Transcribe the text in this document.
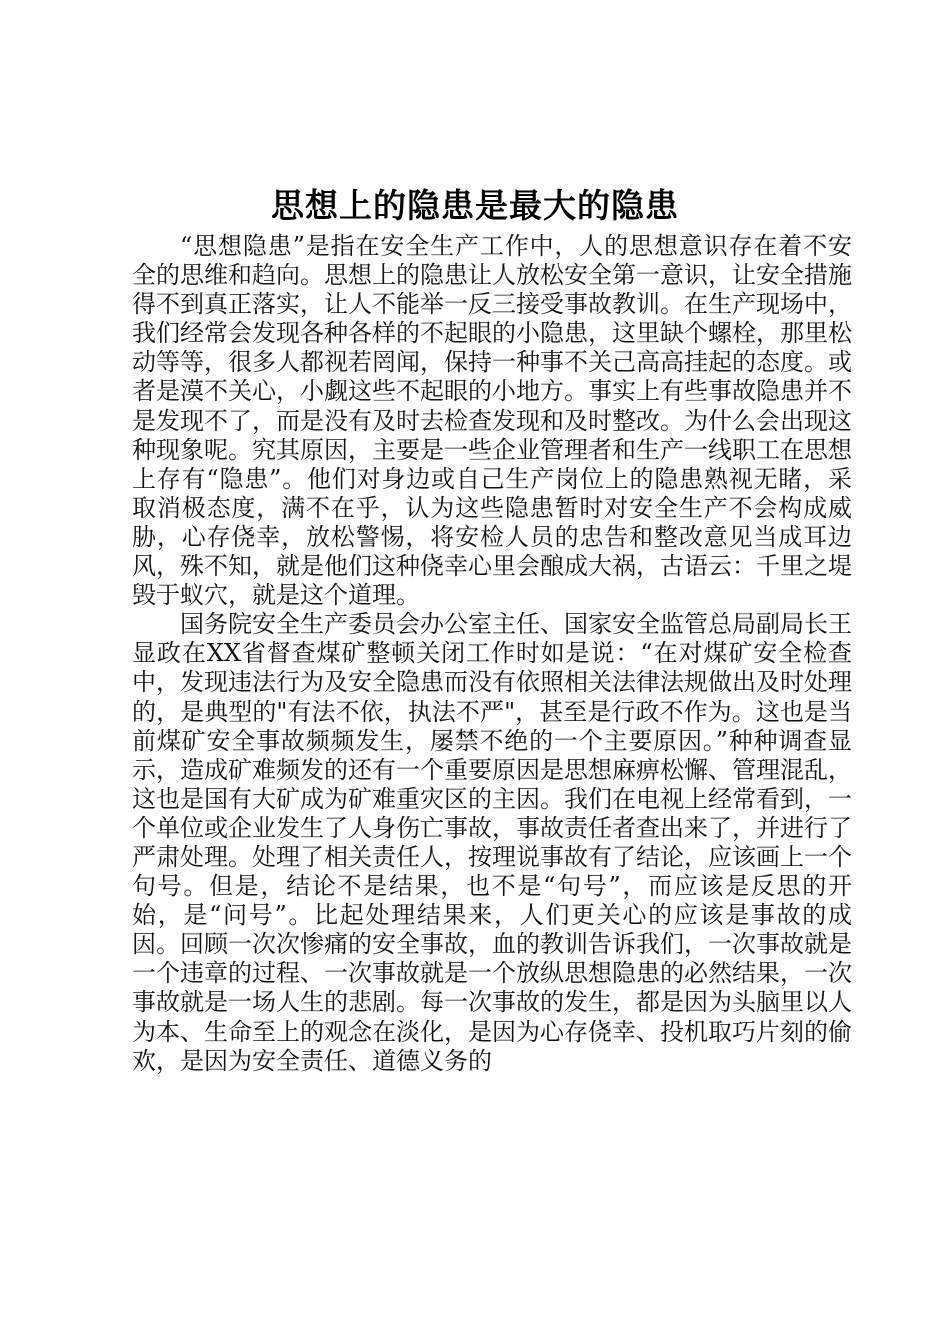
思想上的隐患是最大的隐患

“思想隐患”是指在安全生产工作中，人的思想意识存在着不安全的思维和趋向。思想上的隐患让人放松安全第一意识，让安全措施得不到真正落实，让人不能举一反三接受事故教训。在生产现场中，我们经常会发现各种各样的不起眼的小隐患，这里缺个螺栓，那里松动等等，很多人都视若罔闻，保持一种事不关己高高挂起的态度。或者是漠不关心，小觑这些不起眼的小地方。事实上有些事故隐患并不是发现不了，而是没有及时去检查发现和及时整改。为什么会出现这种现象呢。究其原因，主要是一些企业管理者和生产一线职工在思想上存有“隐患”。他们对身边或自己生产岗位上的隐患熟视无睹，采取消极态度，满不在乎，认为这些隐患暂时对安全生产不会构成威胁，心存侥幸，放松警惕，将安检人员的忠告和整改意见当成耳边风，殊不知，就是他们这种侥幸心里会酿成大祸，古语云：千里之堤毁于蚁穴，就是这个道理。

国务院安全生产委员会办公室主任、国家安全监管总局副局长王显政在XX省督查煤矿整顿关闭工作时如是说：“在对煤矿安全检查中，发现违法行为及安全隐患而没有依照相关法律法规做出及时处理的，是典型的"有法不依，执法不严"，甚至是行政不作为。这也是当前煤矿安全事故频频发生，屡禁不绝的一个主要原因。”种种调查显示，造成矿难频发的还有一个重要原因是思想麻痹松懈、管理混乱，这也是国有大矿成为矿难重灾区的主因。我们在电视上经常看到，一个单位或企业发生了人身伤亡事故，事故责任者查出来了，并进行了严肃处理。处理了相关责任人，按理说事故有了结论，应该画上一个句号。但是，结论不是结果，也不是“句号”，而应该是反思的开始，是“问号”。比起处理结果来，人们更关心的应该是事故的成因。回顾一次次惨痛的安全事故，血的教训告诉我们，一次事故就是一个违章的过程、一次事故就是一个放纵思想隐患的必然结果，一次事故就是一场人生的悲剧。每一次事故的发生，都是因为头脑里以人为本、生命至上的观念在淡化，是因为心存侥幸、投机取巧片刻的偷欢，是因为安全责任、道德义务的
